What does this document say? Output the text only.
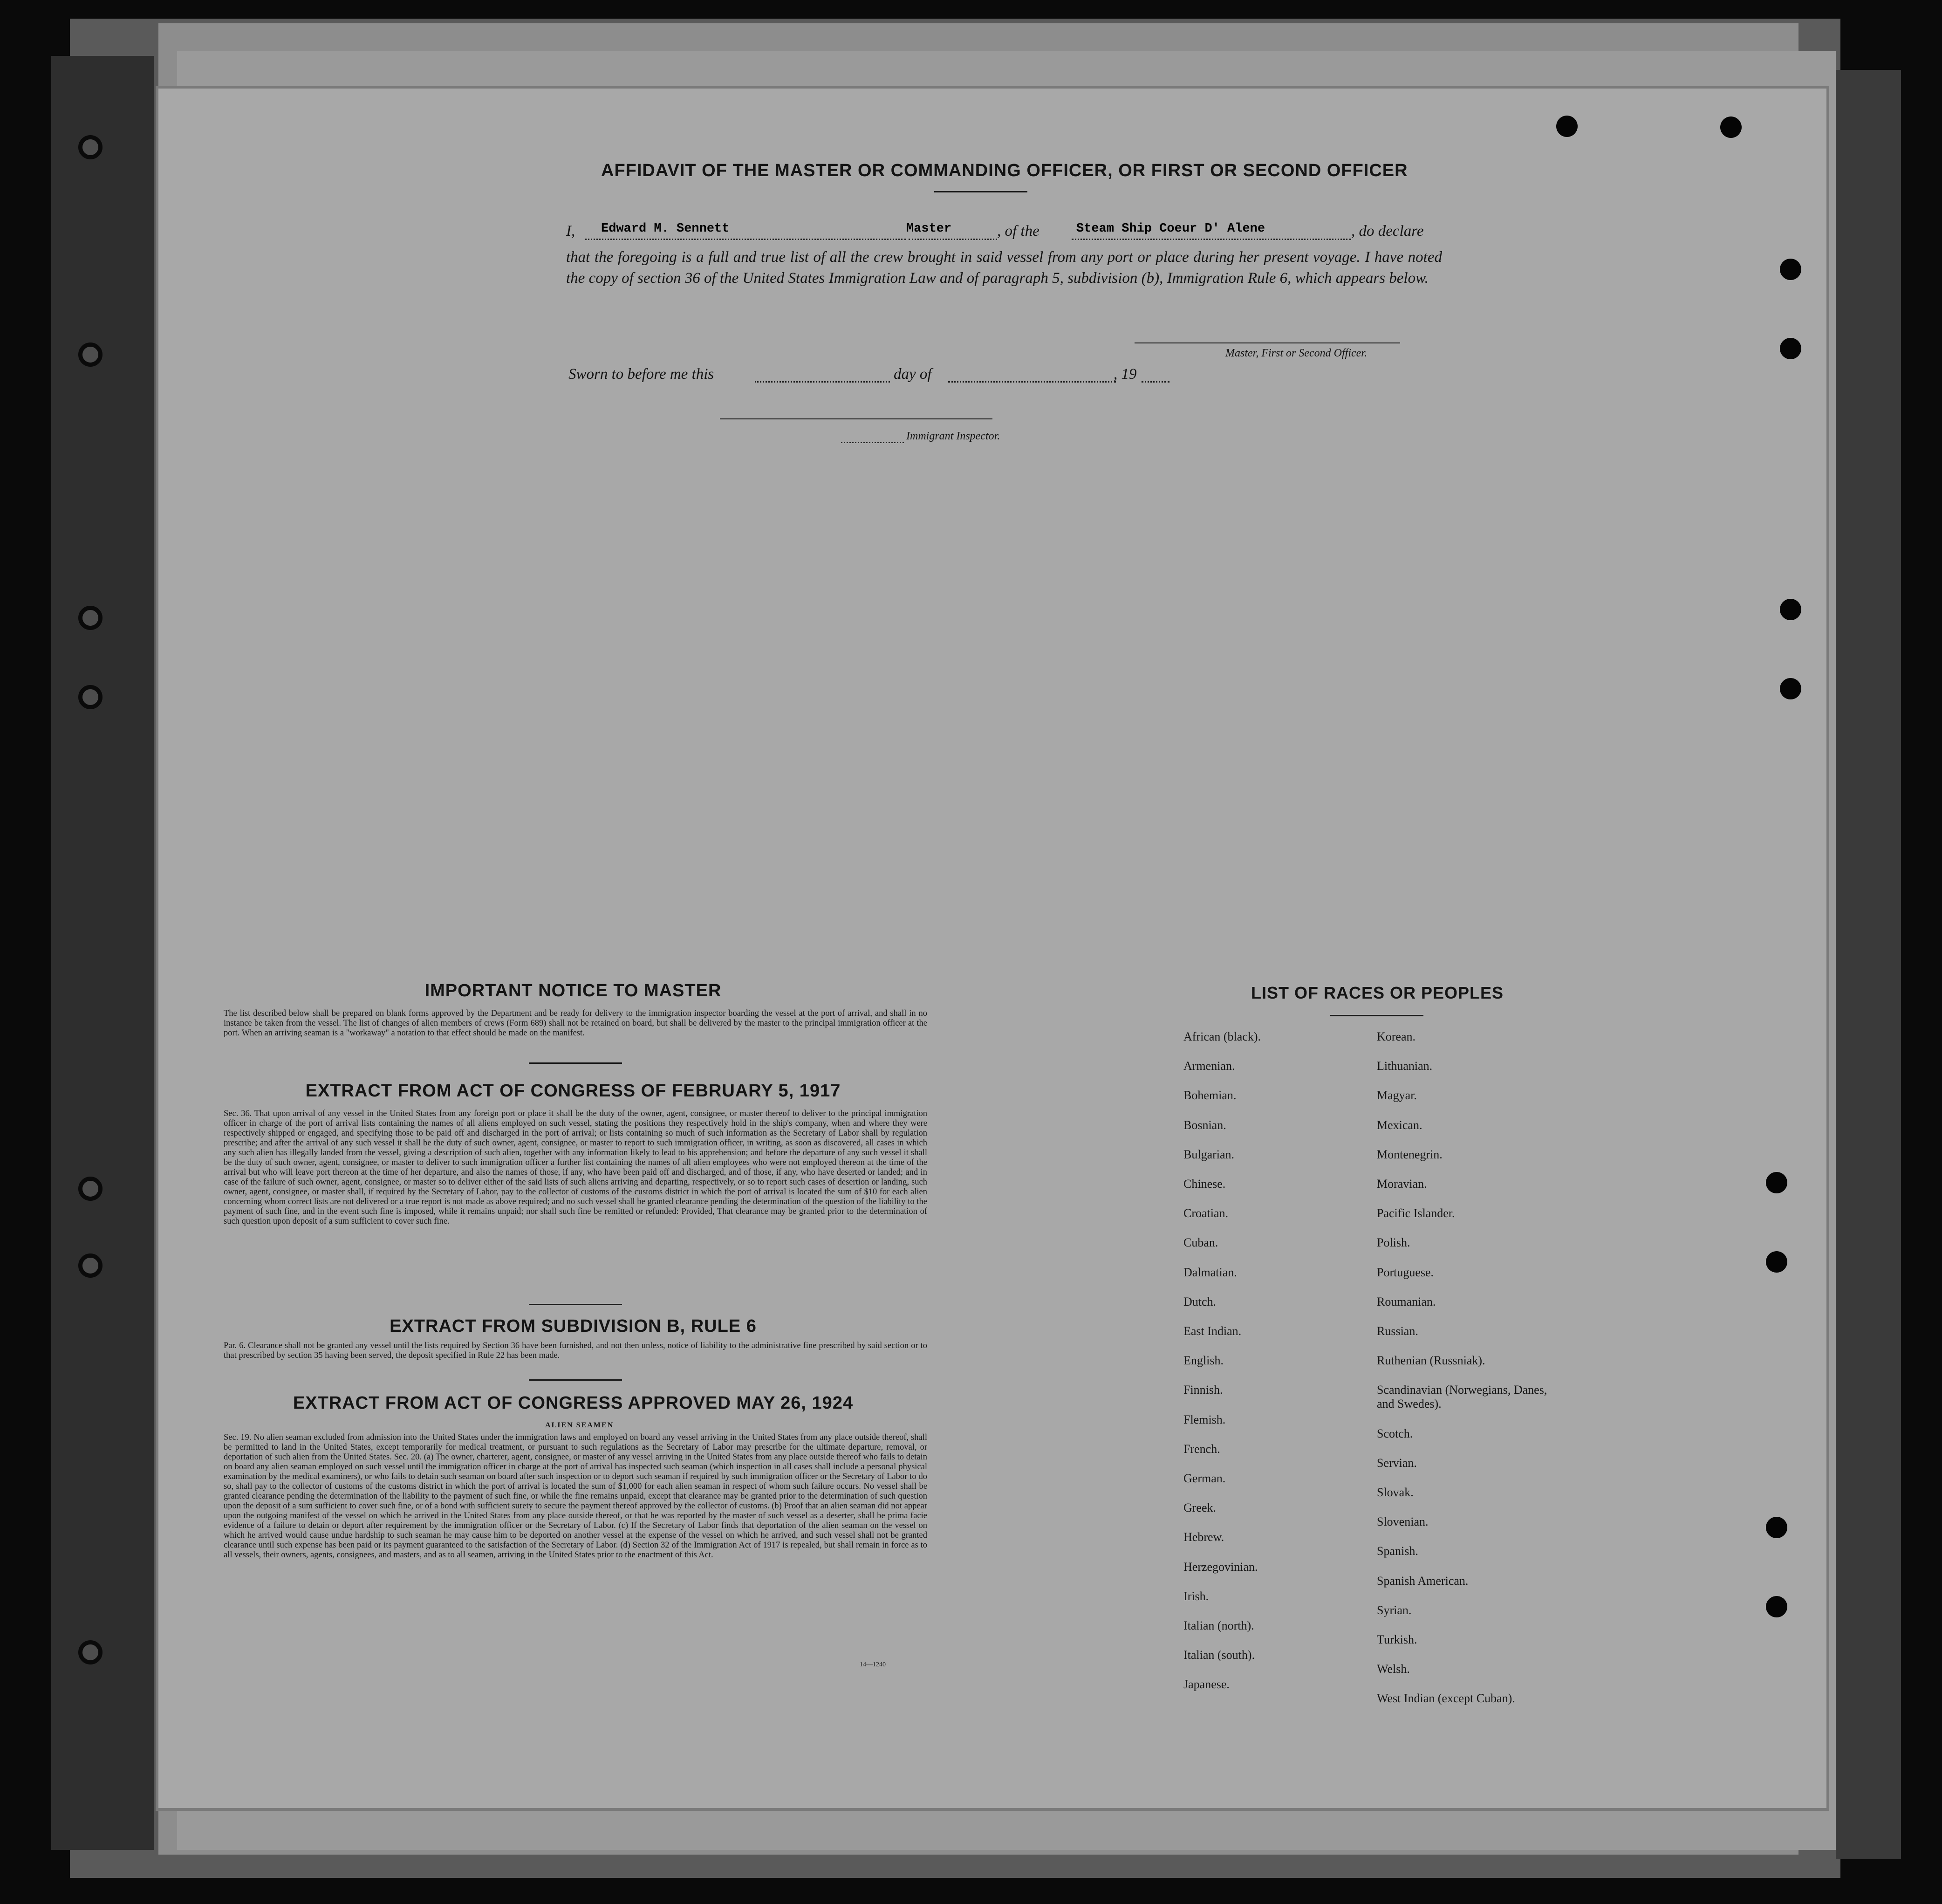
AFFIDAVIT OF THE MASTER OR COMMANDING OFFICER, OR FIRST OR SECOND OFFICER
I,	Edward M. Sennett	Master	, of the	Steam Ship Coeur D' Alene	, do declare
that the foregoing is a full and true list of all the crew brought in said vessel from any port or place during her present voyage. I have noted the copy of section 36 of the United States Immigration Law and of paragraph 5, subdivision (b), Immigration Rule 6, which appears below.
Master, First or Second Officer.
Sworn to before me this	day of	, 19
Immigrant Inspector.
IMPORTANT NOTICE TO MASTER
The list described below shall be prepared on blank forms approved by the Department and be ready for delivery to the immigration inspector boarding the vessel at the port of arrival, and shall in no instance be taken from the vessel. The list of changes of alien members of crews (Form 689) shall not be retained on board, but shall be delivered by the master to the principal immigration officer at the port. When an arriving seaman is a "workaway" a notation to that effect should be made on the manifest.
EXTRACT FROM ACT OF CONGRESS OF FEBRUARY 5, 1917
Sec. 36. That upon arrival of any vessel in the United States from any foreign port or place it shall be the duty of the owner, agent, consignee, or master thereof to deliver to the principal immigration officer in charge of the port of arrival lists containing the names of all aliens employed on such vessel, stating the positions they respectively hold in the ship's company, when and where they were respectively shipped or engaged, and specifying those to be paid off and discharged in the port of arrival; or lists containing so much of such information as the Secretary of Labor shall by regulation prescribe; and after the arrival of any such vessel it shall be the duty of such owner, agent, consignee, or master to report to such immigration officer, in writing, as soon as discovered, all cases in which any such alien has illegally landed from the vessel, giving a description of such alien, together with any information likely to lead to his apprehension; and before the departure of any such vessel it shall be the duty of such owner, agent, consignee, or master to deliver to such immigration officer a further list containing the names of all alien employees who were not employed thereon at the time of the arrival but who will leave port thereon at the time of her departure, and also the names of those, if any, who have been paid off and discharged, and of those, if any, who have deserted or landed; and in case of the failure of such owner, agent, consignee, or master so to deliver either of the said lists of such aliens arriving and departing, respectively, or so to report such cases of desertion or landing, such owner, agent, consignee, or master shall, if required by the Secretary of Labor, pay to the collector of customs of the customs district in which the port of arrival is located the sum of $10 for each alien concerning whom correct lists are not delivered or a true report is not made as above required; and no such vessel shall be granted clearance pending the determination of the question of the liability to the payment of such fine, and in the event such fine is imposed, while it remains unpaid; nor shall such fine be remitted or refunded: Provided, That clearance may be granted prior to the determination of such question upon deposit of a sum sufficient to cover such fine.
EXTRACT FROM SUBDIVISION B, RULE 6
Par. 6. Clearance shall not be granted any vessel until the lists required by Section 36 have been furnished, and not then unless, notice of liability to the administrative fine prescribed by said section or to that prescribed by section 35 having been served, the deposit specified in Rule 22 has been made.
EXTRACT FROM ACT OF CONGRESS APPROVED MAY 26, 1924
ALIEN SEAMEN
Sec. 19. No alien seaman excluded from admission into the United States under the immigration laws and employed on board any vessel arriving in the United States from any place outside thereof, shall be permitted to land in the United States, except temporarily for medical treatment, or pursuant to such regulations as the Secretary of Labor may prescribe for the ultimate departure, removal, or deportation of such alien from the United States. Sec. 20. (a) The owner, charterer, agent, consignee, or master of any vessel arriving in the United States from any place outside thereof who fails to detain on board any alien seaman employed on such vessel until the immigration officer in charge at the port of arrival has inspected such seaman (which inspection in all cases shall include a personal physical examination by the medical examiners), or who fails to detain such seaman on board after such inspection or to deport such seaman if required by such immigration officer or the Secretary of Labor to do so, shall pay to the collector of customs of the customs district in which the port of arrival is located the sum of $1,000 for each alien seaman in respect of whom such failure occurs. No vessel shall be granted clearance pending the determination of the liability to the payment of such fine, or while the fine remains unpaid, except that clearance may be granted prior to the determination of such question upon the deposit of a sum sufficient to cover such fine, or of a bond with sufficient surety to secure the payment thereof approved by the collector of customs. (b) Proof that an alien seaman did not appear upon the outgoing manifest of the vessel on which he arrived in the United States from any place outside thereof, or that he was reported by the master of such vessel as a deserter, shall be prima facie evidence of a failure to detain or deport after requirement by the immigration officer or the Secretary of Labor. (c) If the Secretary of Labor finds that deportation of the alien seaman on the vessel on which he arrived would cause undue hardship to such seaman he may cause him to be deported on another vessel at the expense of the vessel on which he arrived, and such vessel shall not be granted clearance until such expense has been paid or its payment guaranteed to the satisfaction of the Secretary of Labor. (d) Section 32 of the Immigration Act of 1917 is repealed, but shall remain in force as to all vessels, their owners, agents, consignees, and masters, and as to all seamen, arriving in the United States prior to the enactment of this Act.
14—1240
LIST OF RACES OR PEOPLES
African (black).
Armenian.
Bohemian.
Bosnian.
Bulgarian.
Chinese.
Croatian.
Cuban.
Dalmatian.
Dutch.
East Indian.
English.
Finnish.
Flemish.
French.
German.
Greek.
Hebrew.
Herzegovinian.
Irish.
Italian (north).
Italian (south).
Japanese.
Korean.
Lithuanian.
Magyar.
Mexican.
Montenegrin.
Moravian.
Pacific Islander.
Polish.
Portuguese.
Roumanian.
Russian.
Ruthenian (Russniak).
Scandinavian (Norwegians, Danes, and Swedes).
Scotch.
Servian.
Slovak.
Slovenian.
Spanish.
Spanish American.
Syrian.
Turkish.
Welsh.
West Indian (except Cuban).
